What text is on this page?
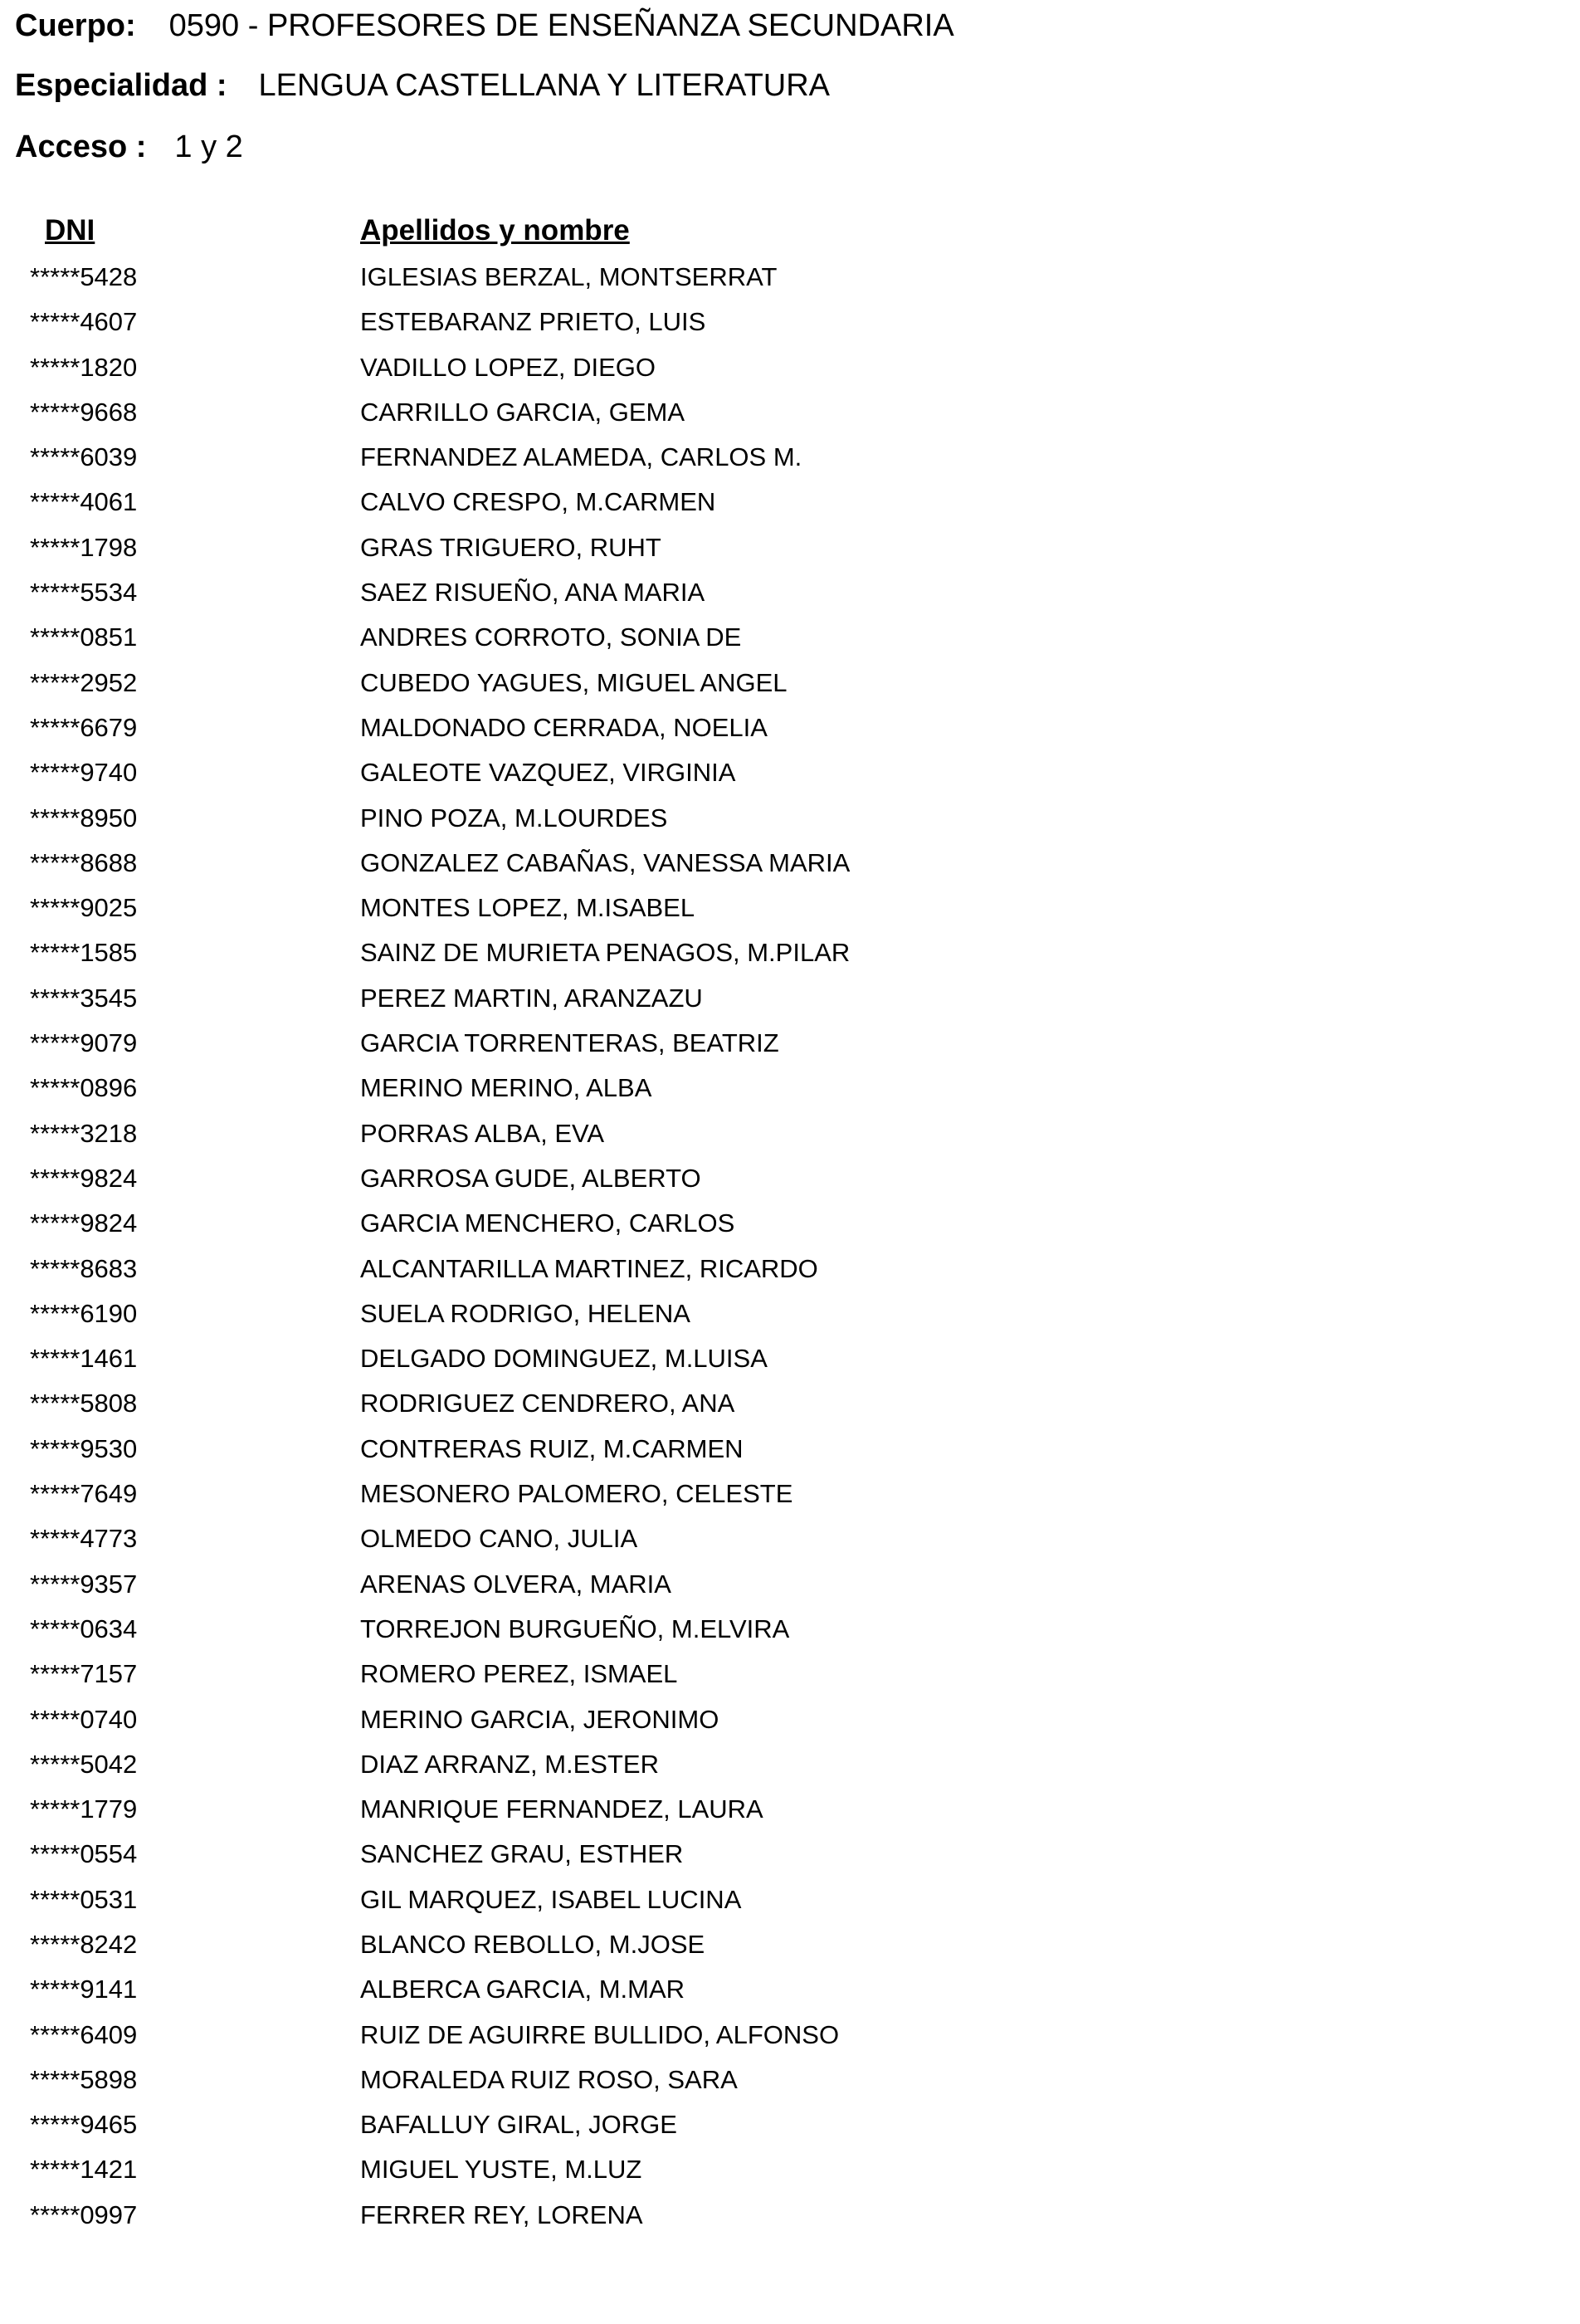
Cuerpo: 0590 - PROFESORES DE ENSEÑANZA SECUNDARIA
Especialidad : LENGUA CASTELLANA Y LITERATURA
Acceso : 1 y 2
DNI	Apellidos y nombre
*****5428	IGLESIAS BERZAL, MONTSERRAT
*****4607	ESTEBARANZ PRIETO, LUIS
*****1820	VADILLO LOPEZ, DIEGO
*****9668	CARRILLO GARCIA, GEMA
*****6039	FERNANDEZ ALAMEDA, CARLOS M.
*****4061	CALVO CRESPO, M.CARMEN
*****1798	GRAS TRIGUERO, RUHT
*****5534	SAEZ RISUEÑO, ANA MARIA
*****0851	ANDRES CORROTO, SONIA DE
*****2952	CUBEDO YAGUES, MIGUEL ANGEL
*****6679	MALDONADO CERRADA, NOELIA
*****9740	GALEOTE VAZQUEZ, VIRGINIA
*****8950	PINO POZA, M.LOURDES
*****8688	GONZALEZ CABAÑAS, VANESSA MARIA
*****9025	MONTES LOPEZ, M.ISABEL
*****1585	SAINZ DE MURIETA PENAGOS, M.PILAR
*****3545	PEREZ MARTIN, ARANZAZU
*****9079	GARCIA TORRENTERAS, BEATRIZ
*****0896	MERINO MERINO, ALBA
*****3218	PORRAS ALBA, EVA
*****9824	GARROSA GUDE, ALBERTO
*****9824	GARCIA MENCHERO, CARLOS
*****8683	ALCANTARILLA MARTINEZ, RICARDO
*****6190	SUELA RODRIGO, HELENA
*****1461	DELGADO DOMINGUEZ, M.LUISA
*****5808	RODRIGUEZ CENDRERO, ANA
*****9530	CONTRERAS RUIZ, M.CARMEN
*****7649	MESONERO PALOMERO, CELESTE
*****4773	OLMEDO CANO, JULIA
*****9357	ARENAS OLVERA, MARIA
*****0634	TORREJON BURGUEÑO, M.ELVIRA
*****7157	ROMERO PEREZ, ISMAEL
*****0740	MERINO GARCIA, JERONIMO
*****5042	DIAZ ARRANZ, M.ESTER
*****1779	MANRIQUE FERNANDEZ, LAURA
*****0554	SANCHEZ GRAU, ESTHER
*****0531	GIL MARQUEZ, ISABEL LUCINA
*****8242	BLANCO REBOLLO, M.JOSE
*****9141	ALBERCA GARCIA, M.MAR
*****6409	RUIZ DE AGUIRRE BULLIDO, ALFONSO
*****5898	MORALEDA RUIZ ROSO, SARA
*****9465	BAFALLUY GIRAL, JORGE
*****1421	MIGUEL YUSTE, M.LUZ
*****0997	FERRER REY, LORENA
